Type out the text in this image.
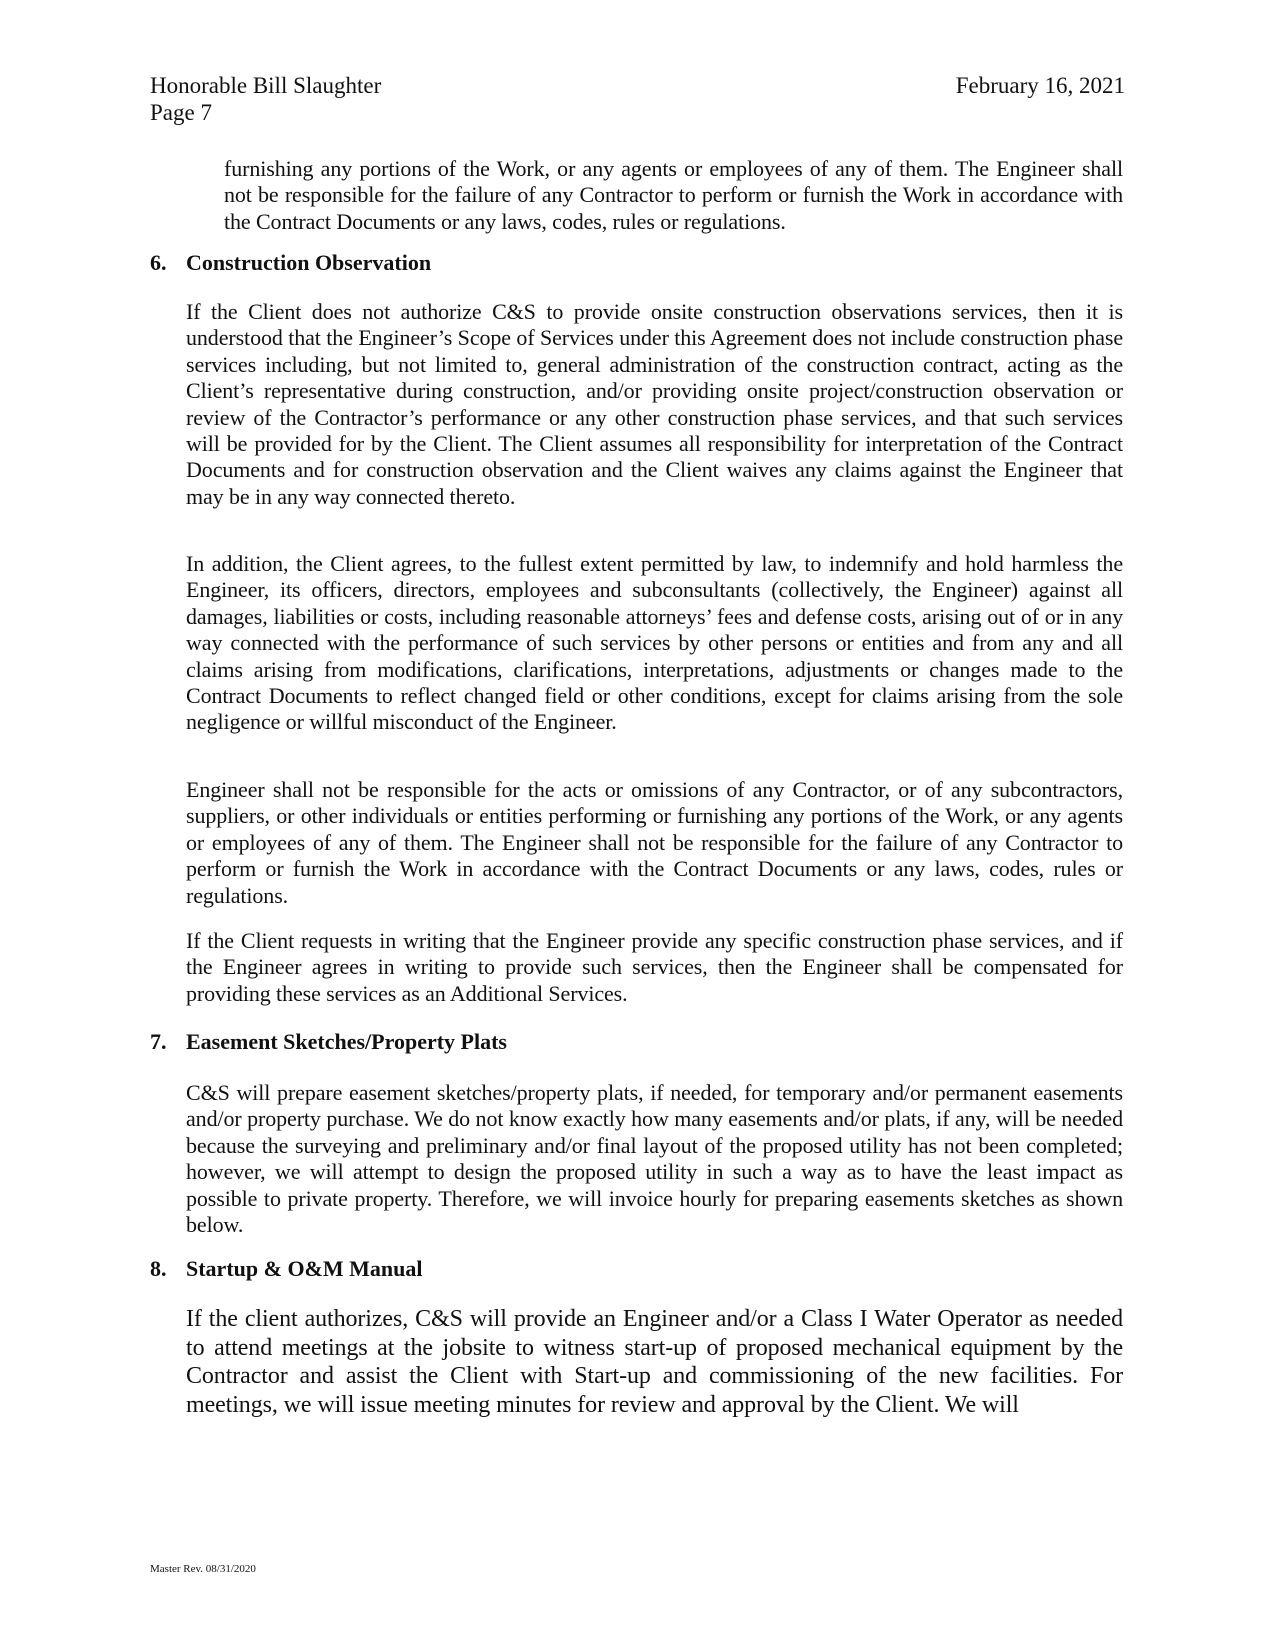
Honorable Bill Slaughter
Page 7
February 16, 2021

furnishing any portions of the Work, or any agents or employees of any of them. The Engineer shall not be responsible for the failure of any Contractor to perform or furnish the Work in accordance with the Contract Documents or any laws, codes, rules or regulations.

6. Construction Observation

If the Client does not authorize C&S to provide onsite construction observations services, then it is understood that the Engineer’s Scope of Services under this Agreement does not include construction phase services including, but not limited to, general administration of the construction contract, acting as the Client’s representative during construction, and/or providing onsite project/construction observation or review of the Contractor’s performance or any other construction phase services, and that such services will be provided for by the Client. The Client assumes all responsibility for interpretation of the Contract Documents and for construction observation and the Client waives any claims against the Engineer that may be in any way connected thereto.

In addition, the Client agrees, to the fullest extent permitted by law, to indemnify and hold harmless the Engineer, its officers, directors, employees and subconsultants (collectively, the Engineer) against all damages, liabilities or costs, including reasonable attorneys’ fees and defense costs, arising out of or in any way connected with the performance of such services by other persons or entities and from any and all claims arising from modifications, clarifications, interpretations, adjustments or changes made to the Contract Documents to reflect changed field or other conditions, except for claims arising from the sole negligence or willful misconduct of the Engineer.

Engineer shall not be responsible for the acts or omissions of any Contractor, or of any subcontractors, suppliers, or other individuals or entities performing or furnishing any portions of the Work, or any agents or employees of any of them. The Engineer shall not be responsible for the failure of any Contractor to perform or furnish the Work in accordance with the Contract Documents or any laws, codes, rules or regulations.

If the Client requests in writing that the Engineer provide any specific construction phase services, and if the Engineer agrees in writing to provide such services, then the Engineer shall be compensated for providing these services as an Additional Services.

7. Easement Sketches/Property Plats

C&S will prepare easement sketches/property plats, if needed, for temporary and/or permanent easements and/or property purchase. We do not know exactly how many easements and/or plats, if any, will be needed because the surveying and preliminary and/or final layout of the proposed utility has not been completed; however, we will attempt to design the proposed utility in such a way as to have the least impact as possible to private property. Therefore, we will invoice hourly for preparing easements sketches as shown below.

8. Startup & O&M Manual

If the client authorizes, C&S will provide an Engineer and/or a Class I Water Operator as needed to attend meetings at the jobsite to witness start-up of proposed mechanical equipment by the Contractor and assist the Client with Start-up and commissioning of the new facilities. For meetings, we will issue meeting minutes for review and approval by the Client. We will

Master Rev. 08/31/2020
